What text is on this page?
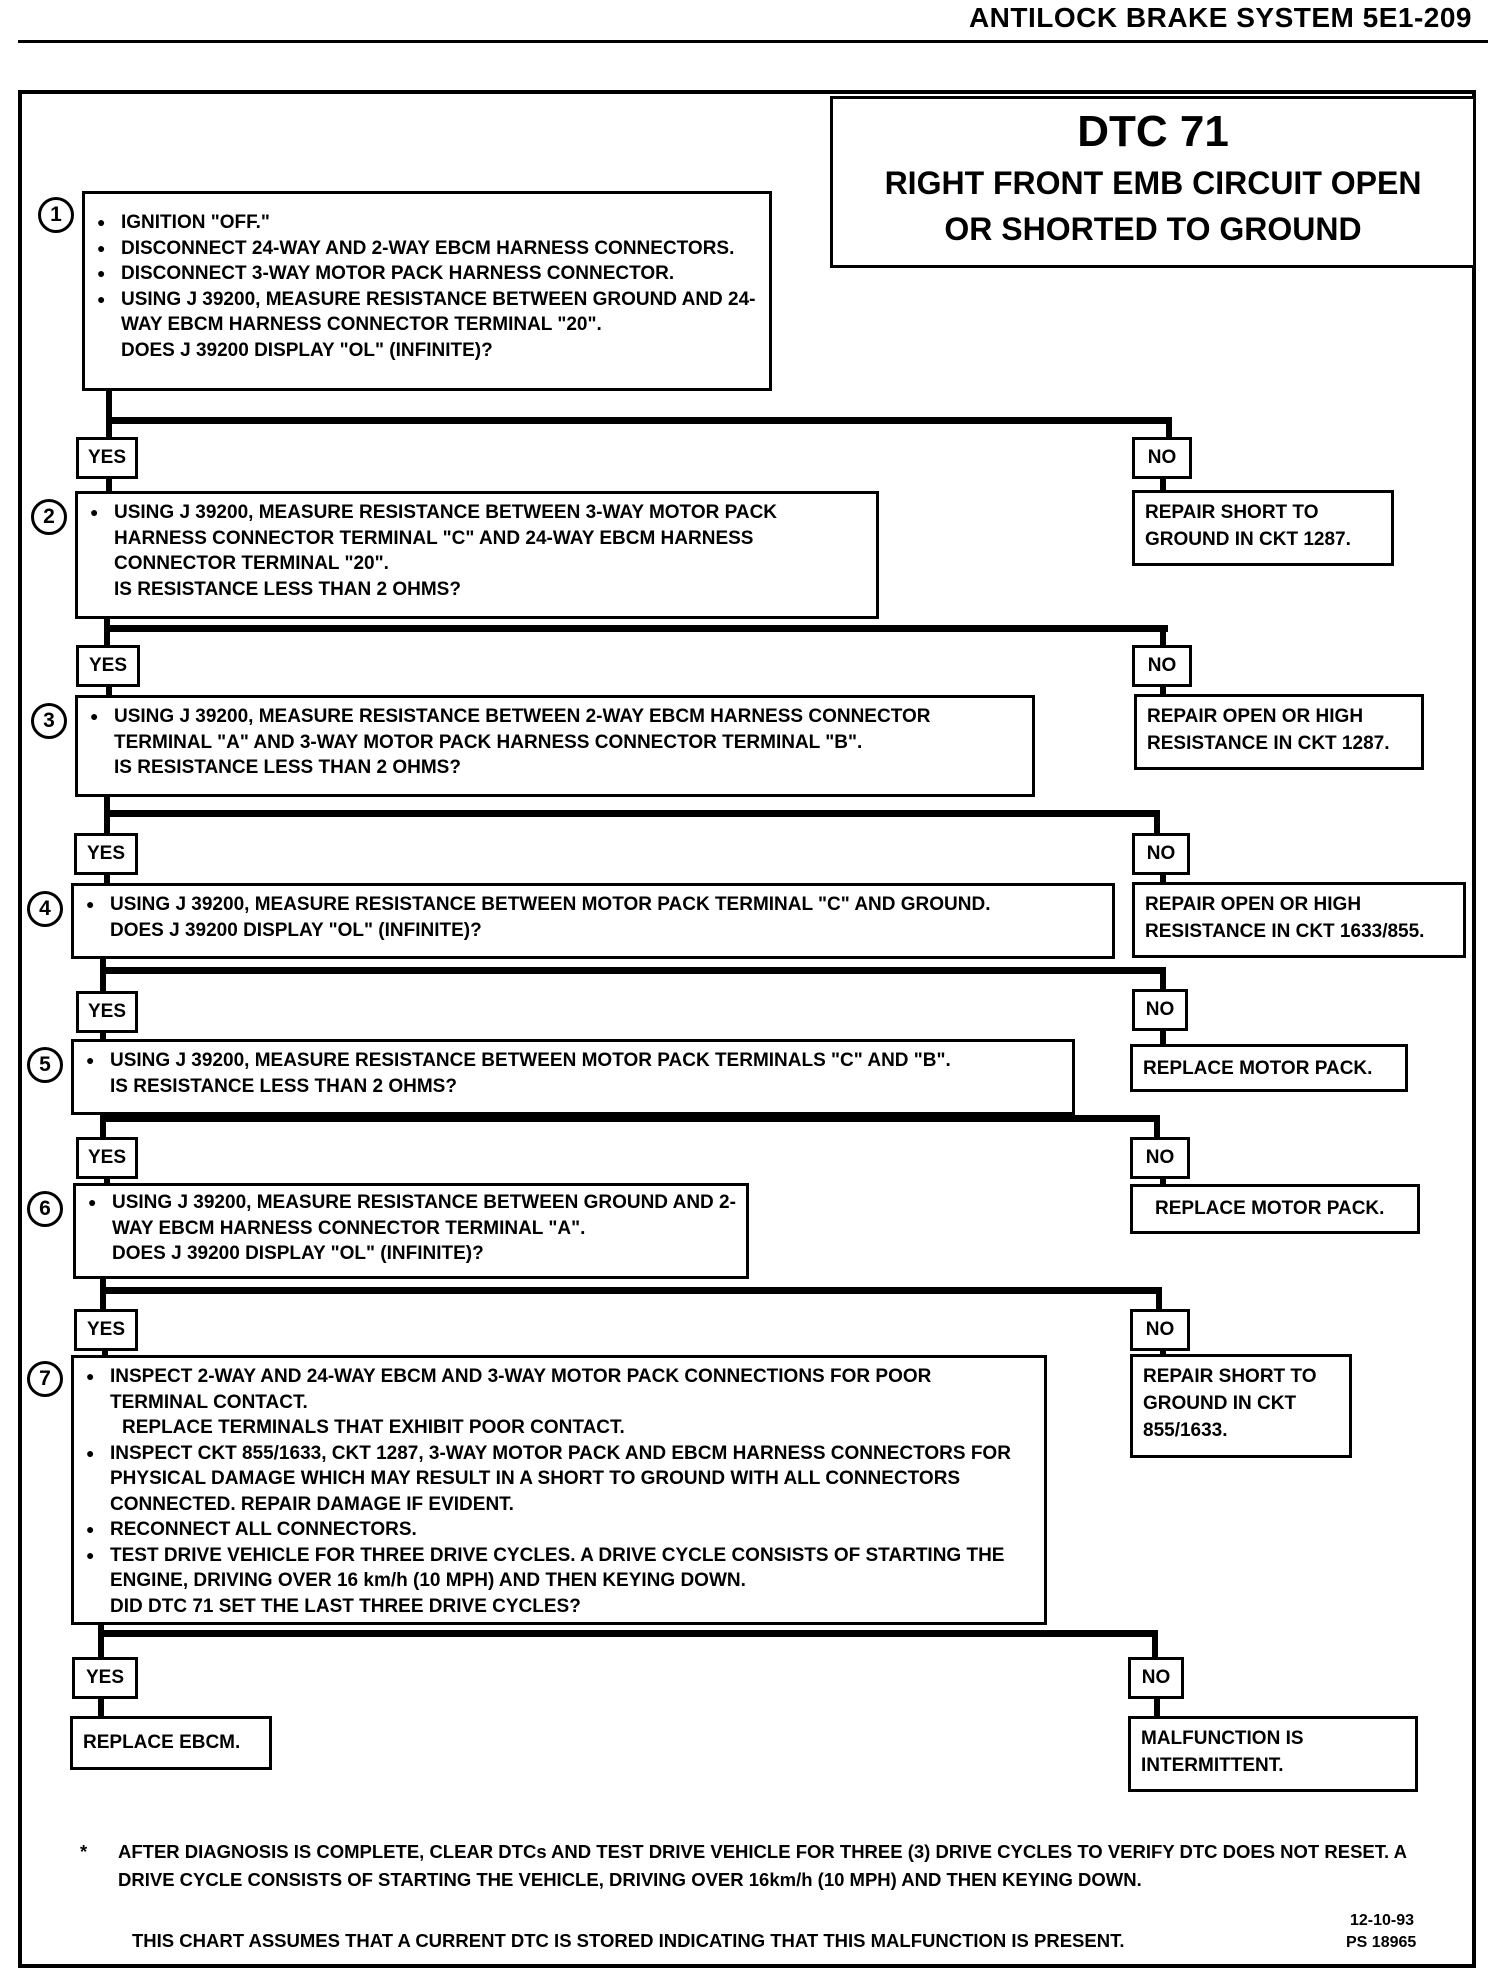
ANTILOCK BRAKE SYSTEM 5E1-209
DTC 71
RIGHT FRONT EMB CIRCUIT OPEN
OR SHORTED TO GROUND
1	● IGNITION "OFF."
● DISCONNECT 24-WAY AND 2-WAY EBCM HARNESS CONNECTORS.
● DISCONNECT 3-WAY MOTOR PACK HARNESS CONNECTOR.
● USING J 39200, MEASURE RESISTANCE BETWEEN GROUND AND 24-WAY EBCM HARNESS CONNECTOR TERMINAL "20".
DOES J 39200 DISPLAY "OL" (INFINITE)?
YES	NO
REPAIR SHORT TO GROUND IN CKT 1287.
2	● USING J 39200, MEASURE RESISTANCE BETWEEN 3-WAY MOTOR PACK HARNESS CONNECTOR TERMINAL "C" AND 24-WAY EBCM HARNESS CONNECTOR TERMINAL "20".
IS RESISTANCE LESS THAN 2 OHMS?
YES	NO
REPAIR OPEN OR HIGH RESISTANCE IN CKT 1287.
3	● USING J 39200, MEASURE RESISTANCE BETWEEN 2-WAY EBCM HARNESS CONNECTOR TERMINAL "A" AND 3-WAY MOTOR PACK HARNESS CONNECTOR TERMINAL "B".
IS RESISTANCE LESS THAN 2 OHMS?
YES	NO
REPAIR OPEN OR HIGH RESISTANCE IN CKT 1633/855.
4	● USING J 39200, MEASURE RESISTANCE BETWEEN MOTOR PACK TERMINAL "C" AND GROUND.
DOES J 39200 DISPLAY "OL" (INFINITE)?
YES	NO
REPLACE MOTOR PACK.
5	● USING J 39200, MEASURE RESISTANCE BETWEEN MOTOR PACK TERMINALS "C" AND "B".
IS RESISTANCE LESS THAN 2 OHMS?
YES	NO
REPLACE MOTOR PACK.
6	● USING J 39200, MEASURE RESISTANCE BETWEEN GROUND AND 2-WAY EBCM HARNESS CONNECTOR TERMINAL "A".
DOES J 39200 DISPLAY "OL" (INFINITE)?
YES	NO
REPAIR SHORT TO GROUND IN CKT 855/1633.
7	● INSPECT 2-WAY AND 24-WAY EBCM AND 3-WAY MOTOR PACK CONNECTIONS FOR POOR TERMINAL CONTACT.
REPLACE TERMINALS THAT EXHIBIT POOR CONTACT.
● INSPECT CKT 855/1633, CKT 1287, 3-WAY MOTOR PACK AND EBCM HARNESS CONNECTORS FOR PHYSICAL DAMAGE WHICH MAY RESULT IN A SHORT TO GROUND WITH ALL CONNECTORS CONNECTED. REPAIR DAMAGE IF EVIDENT.
● RECONNECT ALL CONNECTORS.
● TEST DRIVE VEHICLE FOR THREE DRIVE CYCLES. A DRIVE CYCLE CONSISTS OF STARTING THE ENGINE, DRIVING OVER 16 km/h (10 MPH) AND THEN KEYING DOWN.
DID DTC 71 SET THE LAST THREE DRIVE CYCLES?
YES	NO
REPLACE EBCM.	MALFUNCTION IS INTERMITTENT.
* AFTER DIAGNOSIS IS COMPLETE, CLEAR DTCs AND TEST DRIVE VEHICLE FOR THREE (3) DRIVE CYCLES TO VERIFY DTC DOES NOT RESET. A DRIVE CYCLE CONSISTS OF STARTING THE VEHICLE, DRIVING OVER 16km/h (10 MPH) AND THEN KEYING DOWN.
THIS CHART ASSUMES THAT A CURRENT DTC IS STORED INDICATING THAT THIS MALFUNCTION IS PRESENT.
12-10-93
PS 18965
